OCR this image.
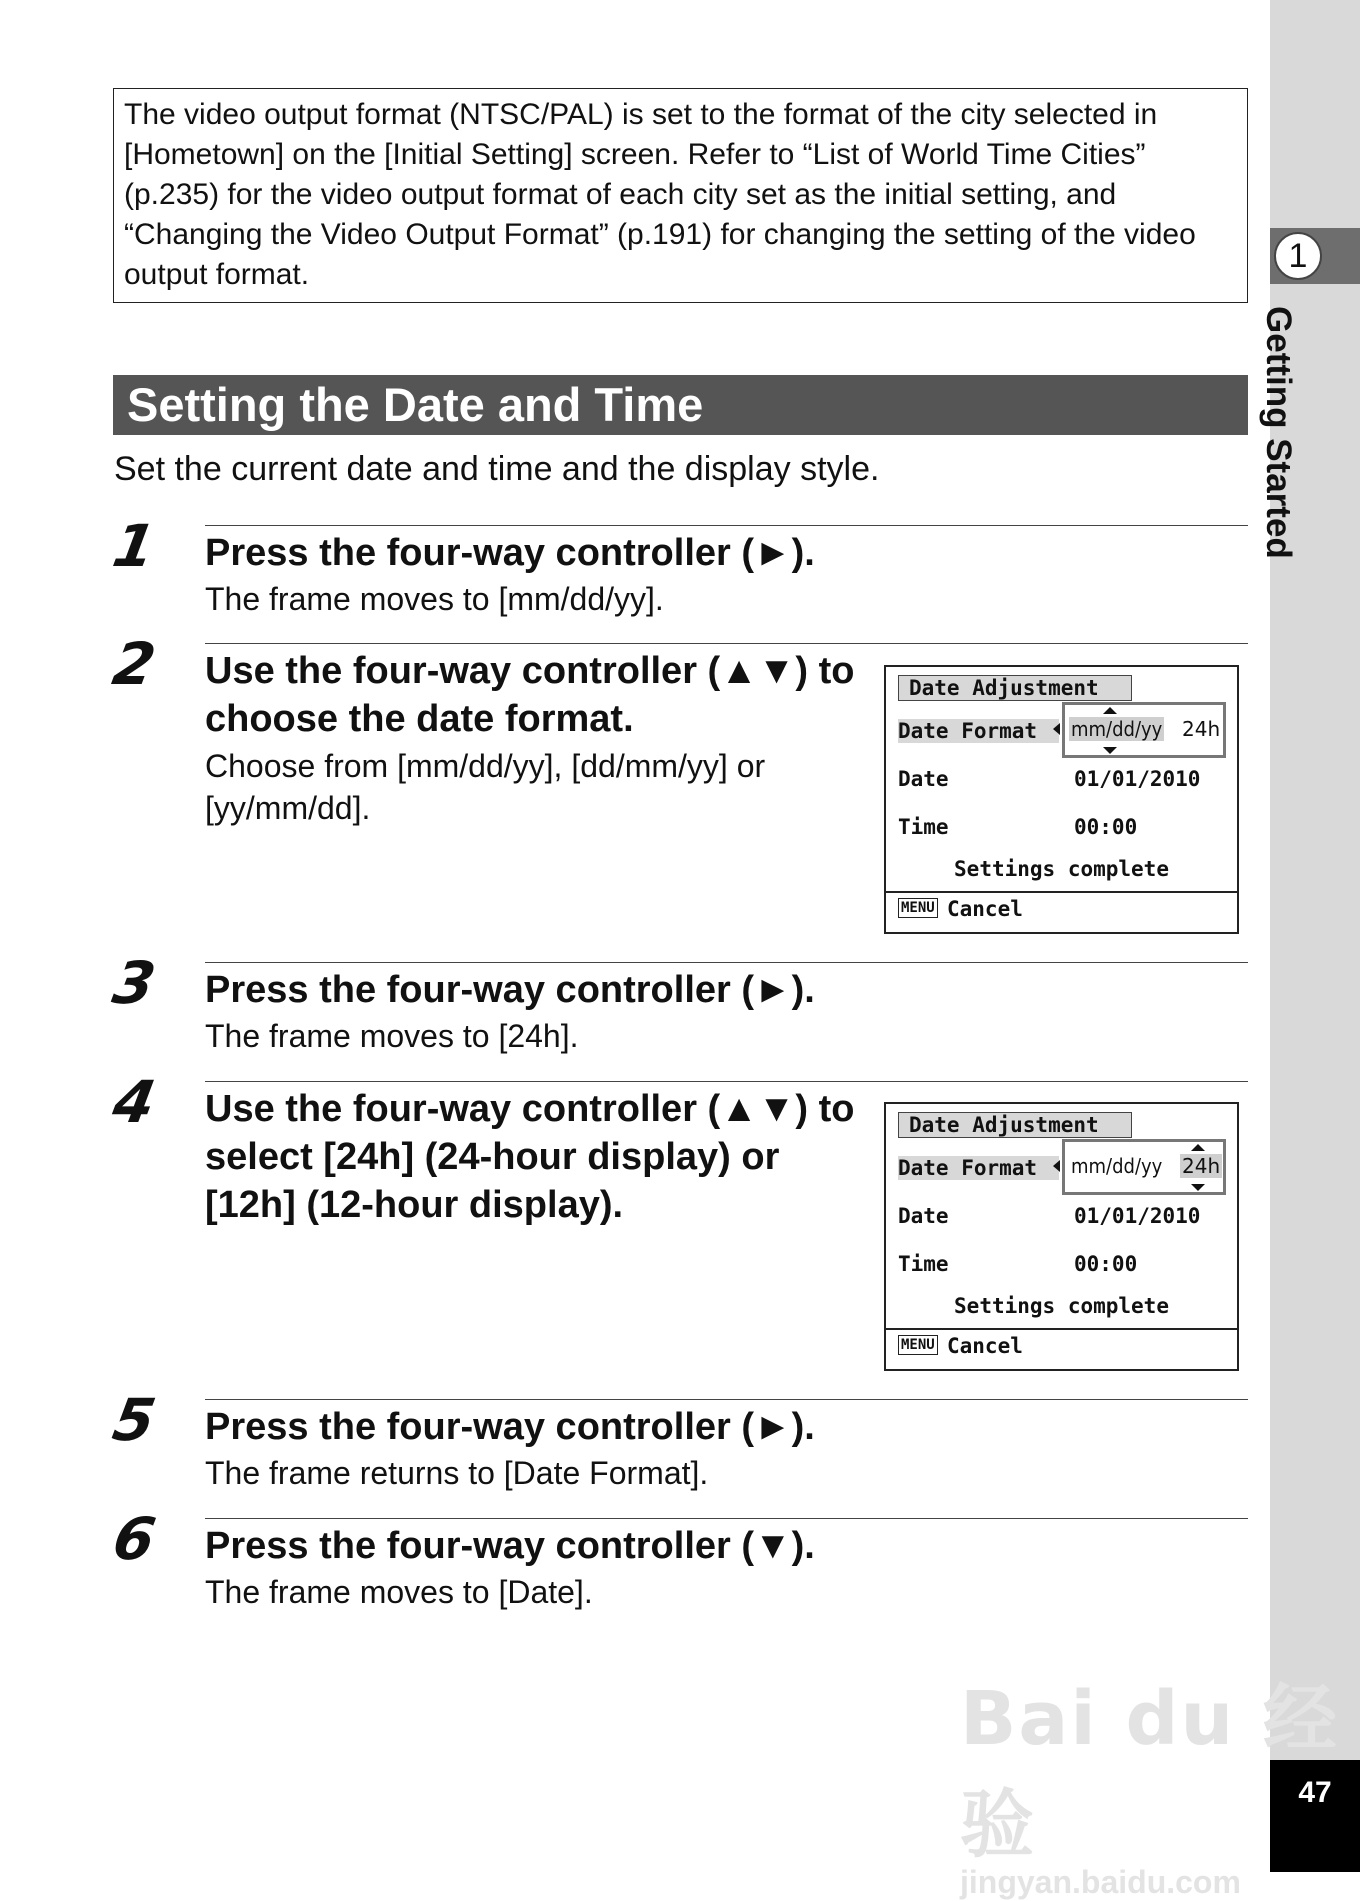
1
Getting Started
47
The video output format (NTSC/PAL) is set to the format of the city selected in [Hometown] on the [Initial Setting] screen. Refer to “List of World Time Cities” (p.235) for the video output format of each city set as the initial setting, and “Changing the Video Output Format” (p.191) for changing the setting of the video output format.
Setting the Date and Time
Set the current date and time and the display style.
1 Press the four-way controller (►).
The frame moves to [mm/dd/yy].
2 Use the four-way controller (▲▼) to choose the date format.
Choose from [mm/dd/yy], [dd/mm/yy] or [yy/mm/dd].
Date Adjustment
Date Format	mm/dd/yy 24h
Date	01/01/2010
Time	00:00
Settings complete
MENU Cancel
3 Press the four-way controller (►).
The frame moves to [24h].
4 Use the four-way controller (▲▼) to select [24h] (24-hour display) or [12h] (12-hour display).
Date Adjustment
Date Format	mm/dd/yy 24h
Date	01/01/2010
Time	00:00
Settings complete
MENU Cancel
5 Press the four-way controller (►).
The frame returns to [Date Format].
6 Press the four-way controller (▼).
The frame moves to [Date].
Bai du 经验
jingyan.baidu.com
